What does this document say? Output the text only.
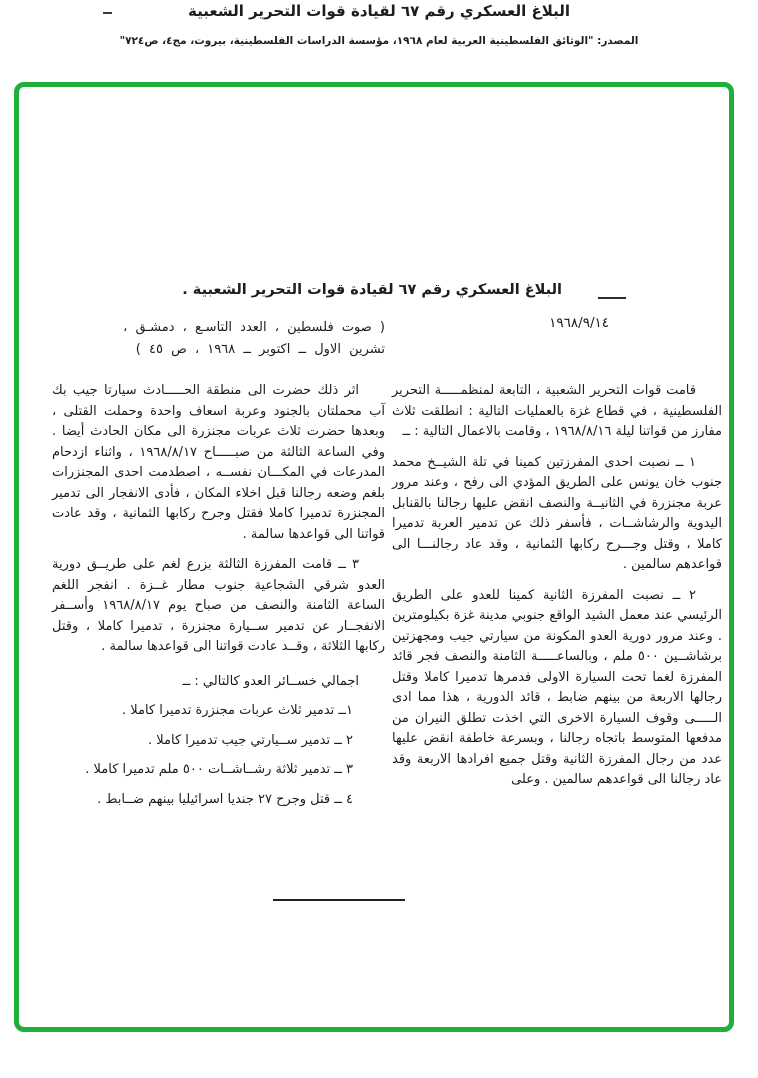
البلاغ العسكري رقم ٦٧ لقيادة قوات التحرير الشعبية
المصدر: "الوثائق الفلسطينية العربية لعام ١٩٦٨، مؤسسة الدراسات الفلسطينية، بيروت، مج٤، ص٧٢٤"
البلاغ العسكري رقم ٦٧ لقيادة قوات التحرير الشعبية .
١٩٦٨/٩/١٤
( صوت فلسطين ، العدد التاسـع ، دمشـق ،
تشرين الاول ــ اكتوبر ــ ١٩٦٨ ، ص ٤٥ )

قامت قوات التحرير الشعبية ، التابعة لمنظمـــــة التحرير الفلسطينية ، في قطاع غزة بالعمليات التالية : انطلقت ثلاث مفارز من قواتنا ليلة ١٩٦٨/٨/١٦ ، وقامت بالاعمال التالية : ــ

١ ــ نصبت احدى المفرزتين كمينا في تلة الشيــخ محمد جنوب خان يونس على الطريق المؤدي الى رفح ، وعند مرور عربة مجنزرة في الثانيــة والنصف انقض عليها رجالنا بالقنابل اليدوية والرشاشــات ، فأسفر ذلك عن تدمير العربة تدميرا كاملا ، وقتل وجـــرح ركابها الثمانية ، وقد عاد رجالنـــا الى قواعدهم سالمين .

٢ ــ نصبت المفرزة الثانية كمينا للعدو على الطريق الرئيسي عند معمل الشيد الواقع جنوبي مدينة غزة بكيلومترين . وعند مرور دورية العدو المكونة من سيارتي جيب ومجهزتين برشاشــين ٥٠٠ ملم ، وبالساعـــــة الثامنة والنصف فجر قائد المفرزة لغما تحت السيارة الاولى فدمرها تدميرا كاملا وقتل رجالها الاربعة من بينهم ضابط ، قائد الدورية ، هذا مما ادى الـــــى وقوف السيارة الاخرى التي اخذت تطلق النيران من مدفعها المتوسط باتجاه رجالنا ، وبسرعة خاطفة انقض عليها عدد من رجال المفرزة الثانية وقتل جميع افرادها الاربعة وقد عاد رجالنا الى قواعدهم سالمين . وعلى

اثر ذلك حضرت الى منطقة الحـــــادث سيارتا جيب بك آب محملتان بالجنود وعربة اسعاف واحدة وحملت القتلى ، وبعدها حضرت ثلاث عربات مجنزرة الى مكان الحادث أيضا . وفي الساعة الثالثة من صبـــــاح ١٩٦٨/٨/١٧ ، واثناء ازدحام المدرعات في المكـــان نفســه ، اصطدمت احدى المجنزرات بلغم وضعه رجالنا قبل اخلاء المكان ، فأدى الانفجار الى تدمير المجنزرة تدميرا كاملا فقتل وجرح ركابها الثمانية ، وقد عادت قواتنا الى قواعدها سالمة .

٣ ــ قامت المفرزة الثالثة بزرع لغم على طريــق دورية العدو شرقي الشجاعية جنوب مطار غــزة . انفجر اللغم الساعة الثامنة والنصف من صباح يوم ١٩٦٨/٨/١٧ وأســفر الانفجــار عن تدمير ســيارة مجنزرة ، تدميرا كاملا ، وقتل ركابها الثلاثة ، وقــد عادت قواتنا الى قواعدها سالمة .

اجمالي خســائر العدو كالتالي : ــ
١ــ تدمير ثلاث عربات مجنزرة تدميرا كاملا .
٢ ــ تدمير ســيارتي جيب تدميرا كاملا .
٣ ــ تدمير ثلاثة رشــاشــات ٥٠٠ ملم تدميرا كاملا .
٤ ــ قتل وجرح ٢٧ جنديا اسرائيليا بينهم ضــابط .
